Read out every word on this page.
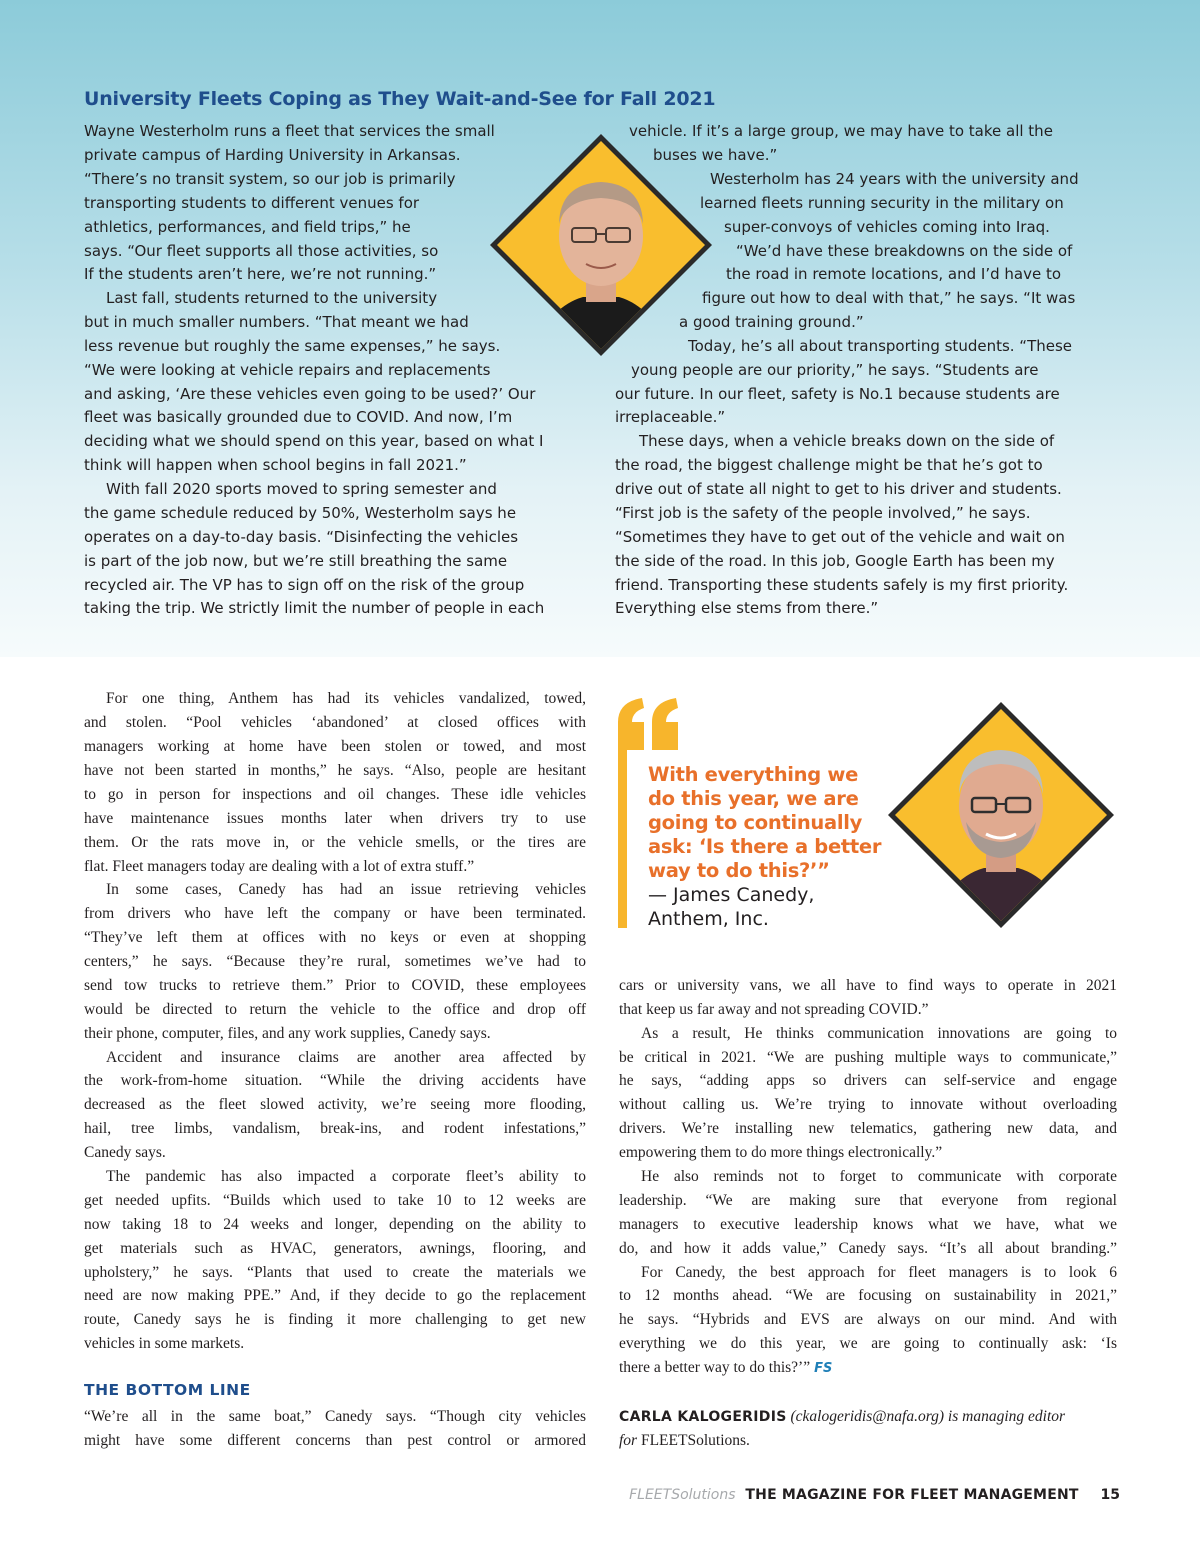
University Fleets Coping as They Wait-and-See for Fall 2021
Wayne Westerholm runs a fleet that services the small
private campus of Harding University in Arkansas.
“There’s no transit system, so our job is primarily
transporting students to different venues for
athletics, performances, and field trips,” he
says. “Our fleet supports all those activities, so
If the students aren’t here, we’re not running.”
Last fall, students returned to the university
but in much smaller numbers. “That meant we had
less revenue but roughly the same expenses,” he says.
“We were looking at vehicle repairs and replacements
and asking, ‘Are these vehicles even going to be used?’ Our
fleet was basically grounded due to COVID. And now, I’m
deciding what we should spend on this year, based on what I
think will happen when school begins in fall 2021.”
With fall 2020 sports moved to spring semester and
the game schedule reduced by 50%, Westerholm says he
operates on a day-to-day basis. “Disinfecting the vehicles
is part of the job now, but we’re still breathing the same
recycled air. The VP has to sign off on the risk of the group
taking the trip. We strictly limit the number of people in each
vehicle. If it’s a large group, we may have to take all the
buses we have.”
Westerholm has 24 years with the university and
learned fleets running security in the military on
super-convoys of vehicles coming into Iraq.
“We’d have these breakdowns on the side of
the road in remote locations, and I’d have to
figure out how to deal with that,” he says. “It was
a good training ground.”
Today, he’s all about transporting students. “These
young people are our priority,” he says. “Students are
our future. In our fleet, safety is No.1 because students are
irreplaceable.”
These days, when a vehicle breaks down on the side of
the road, the biggest challenge might be that he’s got to
drive out of state all night to get to his driver and students.
“First job is the safety of the people involved,” he says.
“Sometimes they have to get out of the vehicle and wait on
the side of the road. In this job, Google Earth has been my
friend. Transporting these students safely is my first priority.
Everything else stems from there.”
For one thing, Anthem has had its vehicles vandalized, towed,
and stolen. “Pool vehicles ‘abandoned’ at closed offices with
managers working at home have been stolen or towed, and most
have not been started in months,” he says. “Also, people are hesitant
to go in person for inspections and oil changes. These idle vehicles
have maintenance issues months later when drivers try to use
them. Or the rats move in, or the vehicle smells, or the tires are
flat. Fleet managers today are dealing with a lot of extra stuff.”
In some cases, Canedy has had an issue retrieving vehicles
from drivers who have left the company or have been terminated.
“They’ve left them at offices with no keys or even at shopping
centers,” he says. “Because they’re rural, sometimes we’ve had to
send tow trucks to retrieve them.” Prior to COVID, these employees
would be directed to return the vehicle to the office and drop off
their phone, computer, files, and any work supplies, Canedy says.
Accident and insurance claims are another area affected by
the work-from-home situation. “While the driving accidents have
decreased as the fleet slowed activity, we’re seeing more flooding,
hail, tree limbs, vandalism, break-ins, and rodent infestations,”
Canedy says.
The pandemic has also impacted a corporate fleet’s ability to
get needed upfits. “Builds which used to take 10 to 12 weeks are
now taking 18 to 24 weeks and longer, depending on the ability to
get materials such as HVAC, generators, awnings, flooring, and
upholstery,” he says. “Plants that used to create the materials we
need are now making PPE.” And, if they decide to go the replacement
route, Canedy says he is finding it more challenging to get new
vehicles in some markets.
THE BOTTOM LINE
“We’re all in the same boat,” Canedy says. “Though city vehicles
might have some different concerns than pest control or armored
With everything we
do this year, we are
going to continually
ask: ‘Is there a better
way to do this?’”
— James Canedy,
Anthem, Inc.
cars or university vans, we all have to find ways to operate in 2021
that keep us far away and not spreading COVID.”
As a result, He thinks communication innovations are going to
be critical in 2021. “We are pushing multiple ways to communicate,”
he says, “adding apps so drivers can self-service and engage
without calling us. We’re trying to innovate without overloading
drivers. We’re installing new telematics, gathering new data, and
empowering them to do more things electronically.”
He also reminds not to forget to communicate with corporate
leadership. “We are making sure that everyone from regional
managers to executive leadership knows what we have, what we
do, and how it adds value,” Canedy says. “It’s all about branding.”
For Canedy, the best approach for fleet managers is to look 6
to 12 months ahead. “We are focusing on sustainability in 2021,”
he says. “Hybrids and EVS are always on our mind. And with
everything we do this year, we are going to continually ask: ‘Is
there a better way to do this?’” FS
CARLA KALOGERIDIS (ckalogeridis@nafa.org) is managing editor
for FLEETSolutions.
FLEETSolutions THE MAGAZINE FOR FLEET MANAGEMENT 15
